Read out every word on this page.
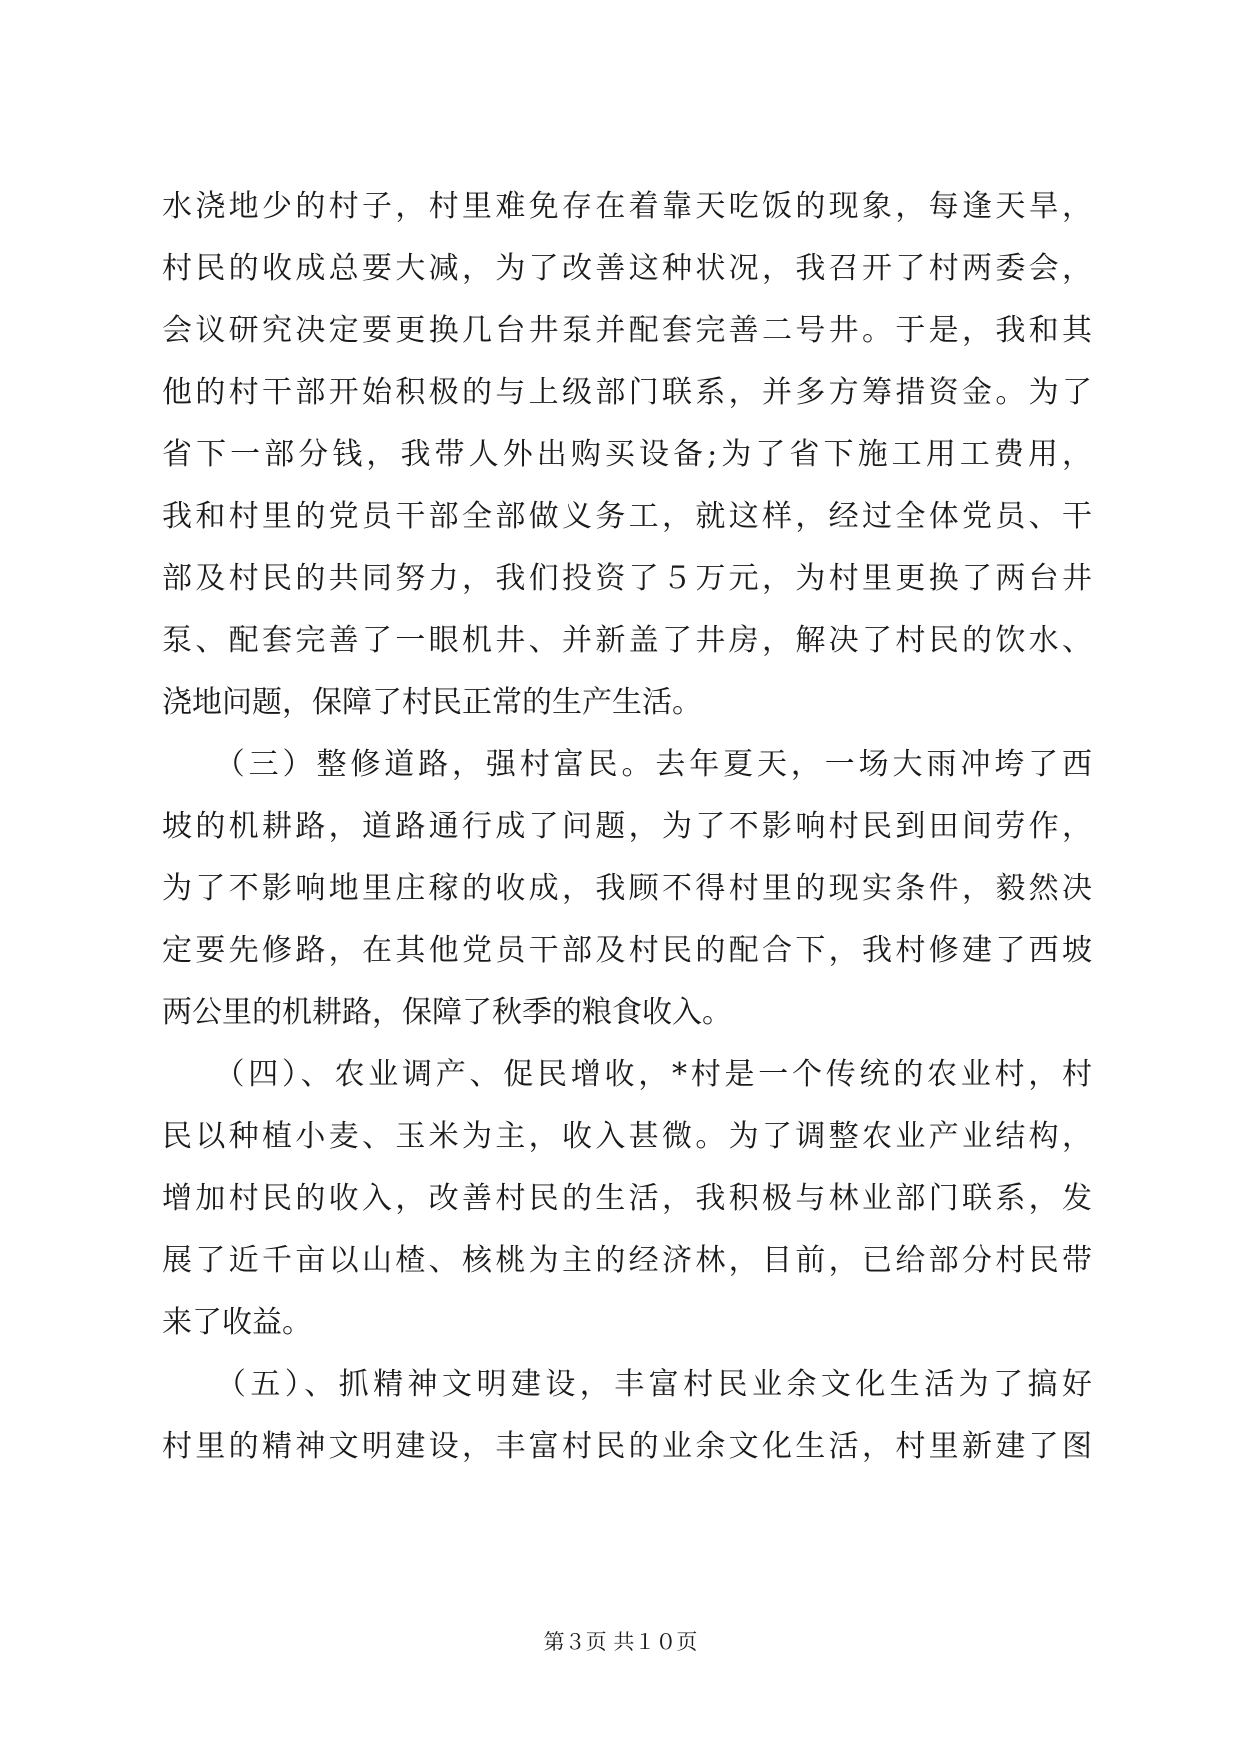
水浇地少的村子，村里难免存在着靠天吃饭的现象，每逢天旱，
村民的收成总要大减，为了改善这种状况，我召开了村两委会，
会议研究决定要更换几台井泵并配套完善二号井。于是，我和其
他的村干部开始积极的与上级部门联系，并多方筹措资金。为了
省下一部分钱，我带人外出购买设备;为了省下施工用工费用，
我和村里的党员干部全部做义务工，就这样，经过全体党员、干
部及村民的共同努力，我们投资了５万元，为村里更换了两台井
泵、配套完善了一眼机井、并新盖了井房，解决了村民的饮水、
浇地问题，保障了村民正常的生产生活。
　　（三）整修道路，强村富民。去年夏天，一场大雨冲垮了西
坡的机耕路，道路通行成了问题，为了不影响村民到田间劳作，
为了不影响地里庄稼的收成，我顾不得村里的现实条件，毅然决
定要先修路，在其他党员干部及村民的配合下，我村修建了西坡
两公里的机耕路，保障了秋季的粮食收入。
　　（四）、农业调产、促民增收，*村是一个传统的农业村，村
民以种植小麦、玉米为主，收入甚微。为了调整农业产业结构，
增加村民的收入，改善村民的生活，我积极与林业部门联系，发
展了近千亩以山楂、核桃为主的经济林，目前，已给部分村民带
来了收益。
　　（五）、抓精神文明建设，丰富村民业余文化生活为了搞好
村里的精神文明建设，丰富村民的业余文化生活，村里新建了图
第３页 共１０页
